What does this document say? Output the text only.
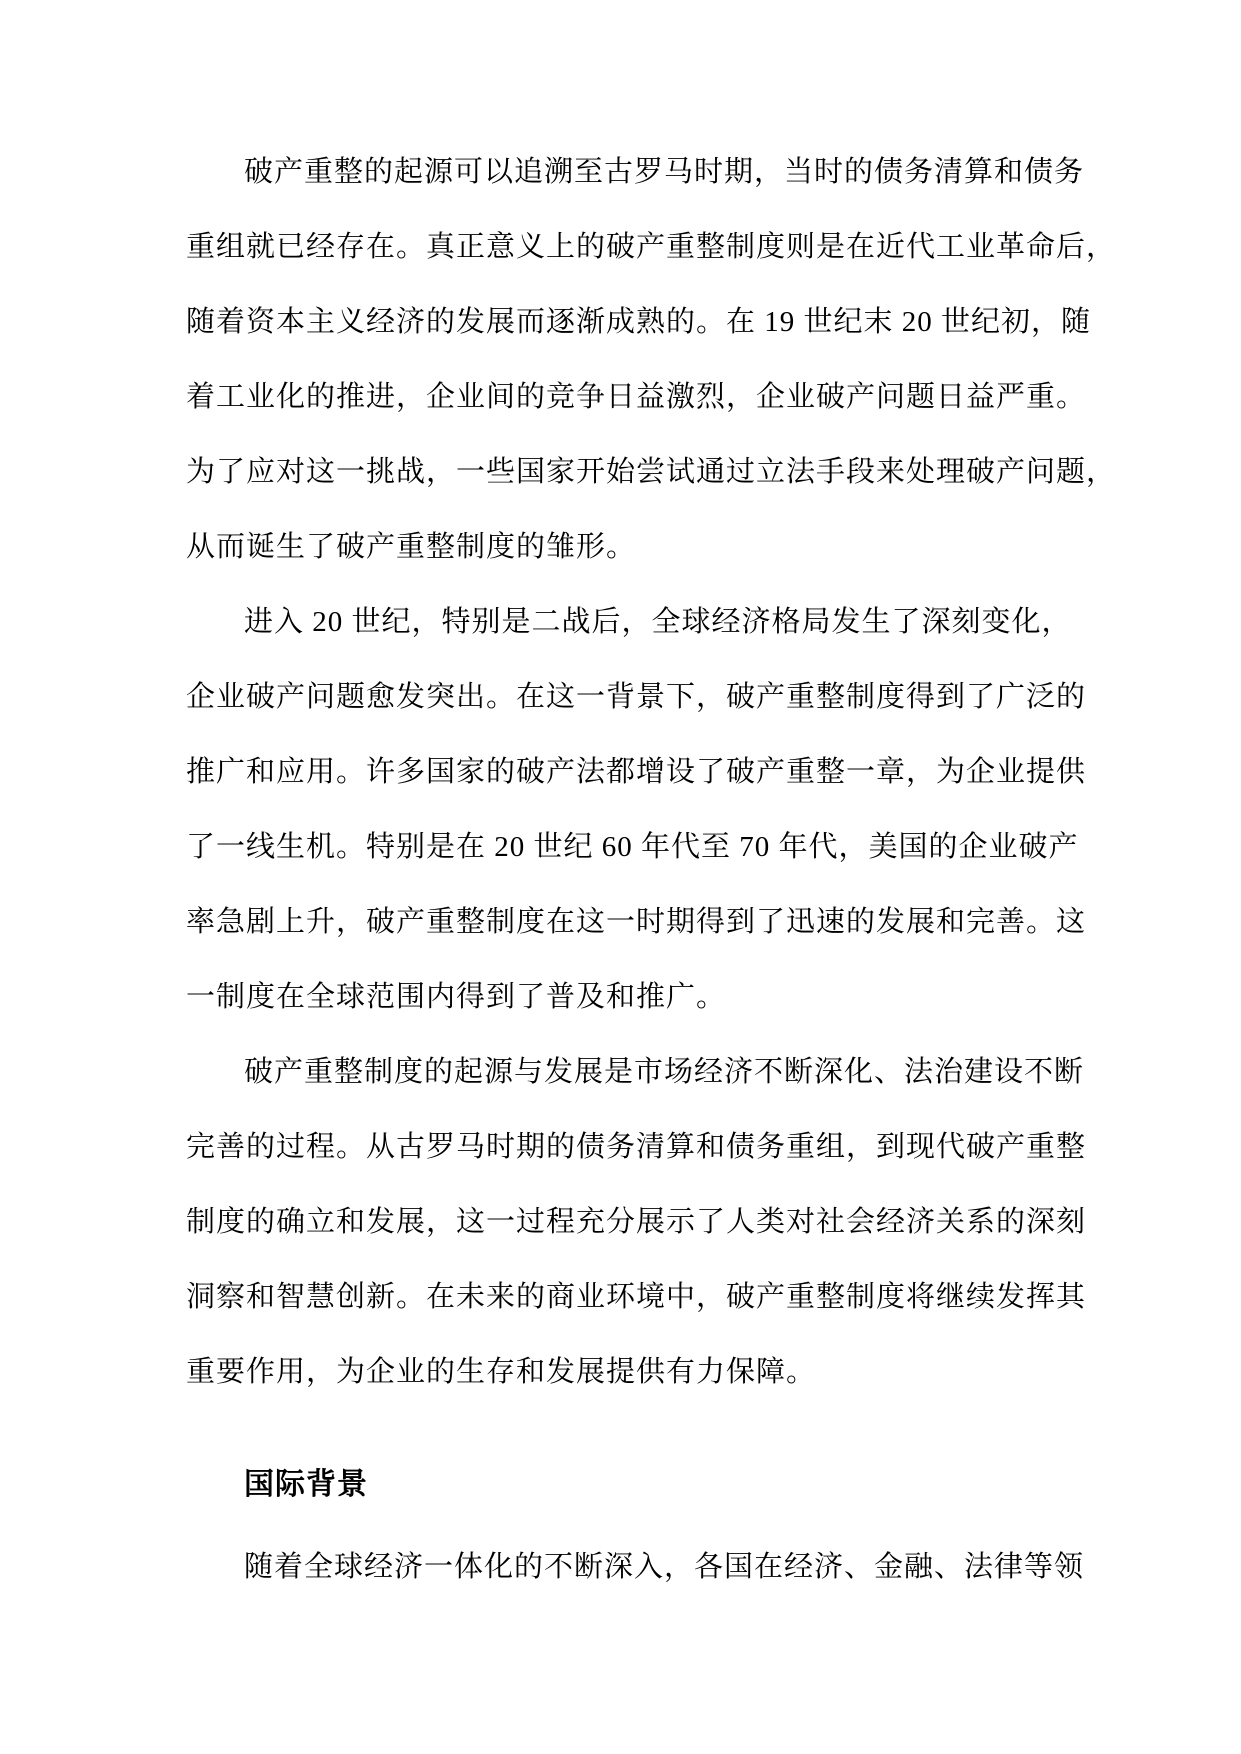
破产重整的起源可以追溯至古罗马时期，当时的债务清算和债务

重组就已经存在。真正意义上的破产重整制度则是在近代工业革命后，

随着资本主义经济的发展而逐渐成熟的。在 19 世纪末 20 世纪初，随

着工业化的推进，企业间的竞争日益激烈，企业破产问题日益严重。

为了应对这一挑战，一些国家开始尝试通过立法手段来处理破产问题，

从而诞生了破产重整制度的雏形。

进入 20 世纪，特别是二战后，全球经济格局发生了深刻变化，

企业破产问题愈发突出。在这一背景下，破产重整制度得到了广泛的

推广和应用。许多国家的破产法都增设了破产重整一章，为企业提供

了一线生机。特别是在 20 世纪 60 年代至 70 年代，美国的企业破产

率急剧上升，破产重整制度在这一时期得到了迅速的发展和完善。这

一制度在全球范围内得到了普及和推广。

破产重整制度的起源与发展是市场经济不断深化、法治建设不断

完善的过程。从古罗马时期的债务清算和债务重组，到现代破产重整

制度的确立和发展，这一过程充分展示了人类对社会经济关系的深刻

洞察和智慧创新。在未来的商业环境中，破产重整制度将继续发挥其

重要作用，为企业的生存和发展提供有力保障。

国际背景

随着全球经济一体化的不断深入，各国在经济、金融、法律等领
